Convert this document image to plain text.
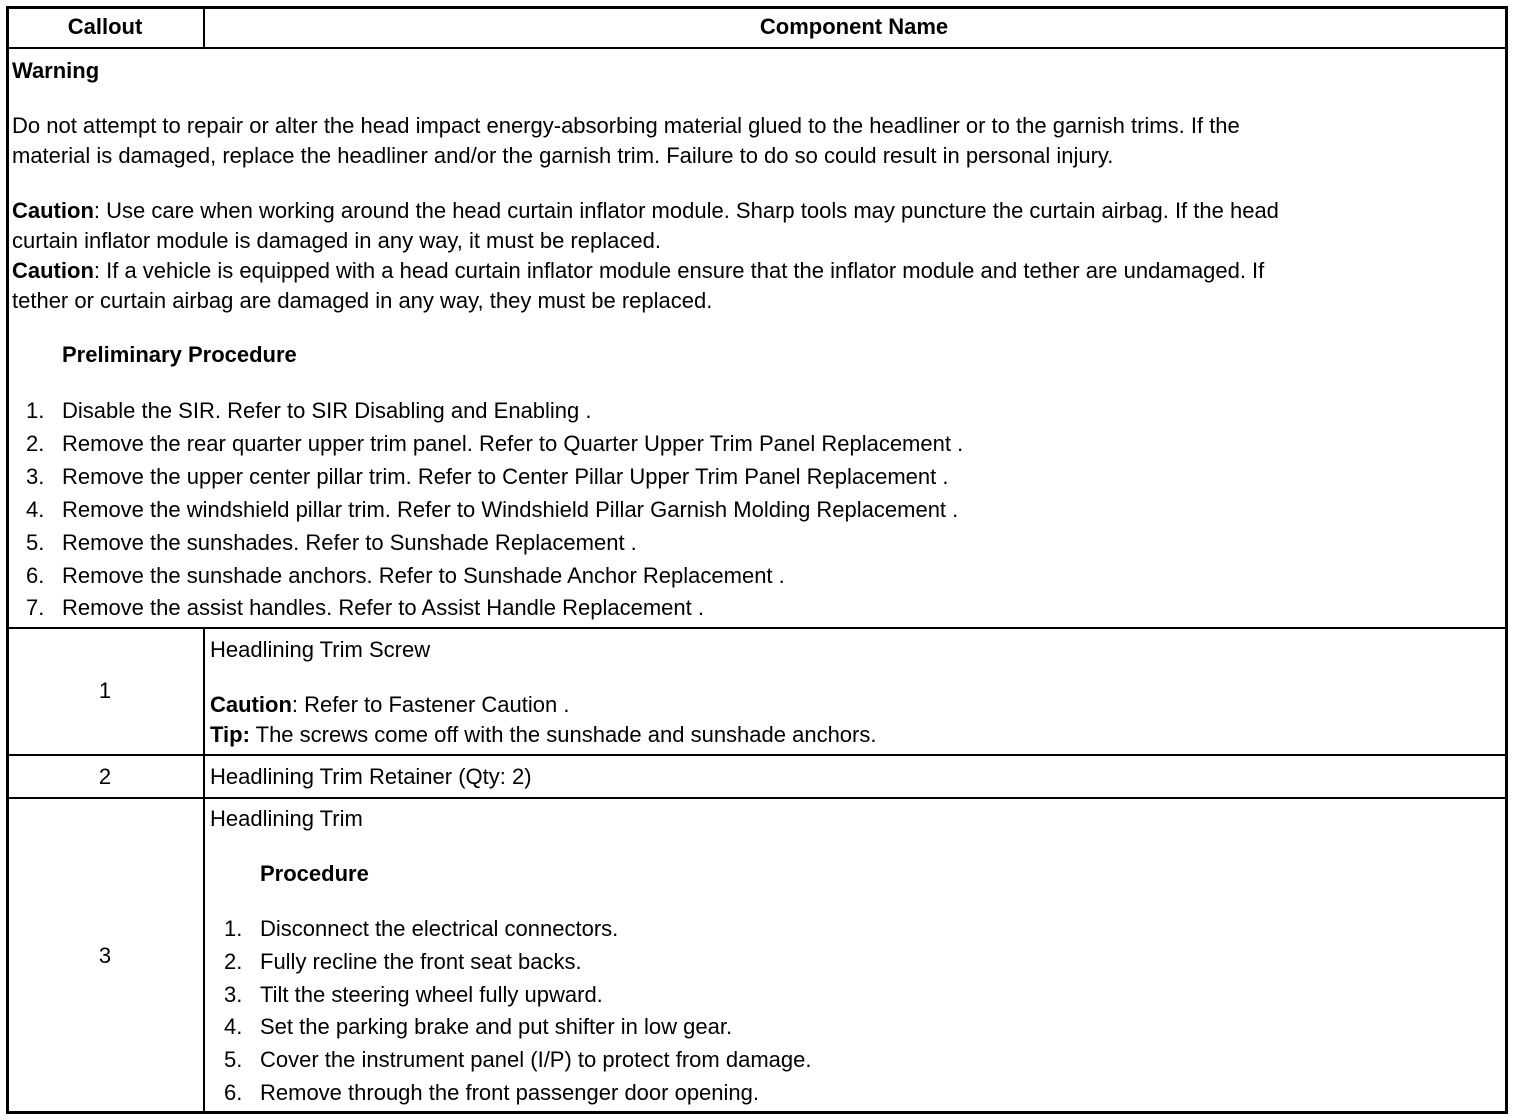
Callout	Component Name
Warning
Do not attempt to repair or alter the head impact energy-absorbing material glued to the headliner or to the garnish trims. If the
material is damaged, replace the headliner and/or the garnish trim. Failure to do so could result in personal injury.
Caution: Use care when working around the head curtain inflator module. Sharp tools may puncture the curtain airbag. If the head
curtain inflator module is damaged in any way, it must be replaced.
Caution: If a vehicle is equipped with a head curtain inflator module ensure that the inflator module and tether are undamaged. If
tether or curtain airbag are damaged in any way, they must be replaced.
Preliminary Procedure
1. Disable the SIR. Refer to SIR Disabling and Enabling .
2. Remove the rear quarter upper trim panel. Refer to Quarter Upper Trim Panel Replacement .
3. Remove the upper center pillar trim. Refer to Center Pillar Upper Trim Panel Replacement .
4. Remove the windshield pillar trim. Refer to Windshield Pillar Garnish Molding Replacement .
5. Remove the sunshades. Refer to Sunshade Replacement .
6. Remove the sunshade anchors. Refer to Sunshade Anchor Replacement .
7. Remove the assist handles. Refer to Assist Handle Replacement .
1
Headlining Trim Screw
Caution: Refer to Fastener Caution .
Tip: The screws come off with the sunshade and sunshade anchors.
2	Headlining Trim Retainer (Qty: 2)
3
Headlining Trim
Procedure
1. Disconnect the electrical connectors.
2. Fully recline the front seat backs.
3. Tilt the steering wheel fully upward.
4. Set the parking brake and put shifter in low gear.
5. Cover the instrument panel (I/P) to protect from damage.
6. Remove through the front passenger door opening.
